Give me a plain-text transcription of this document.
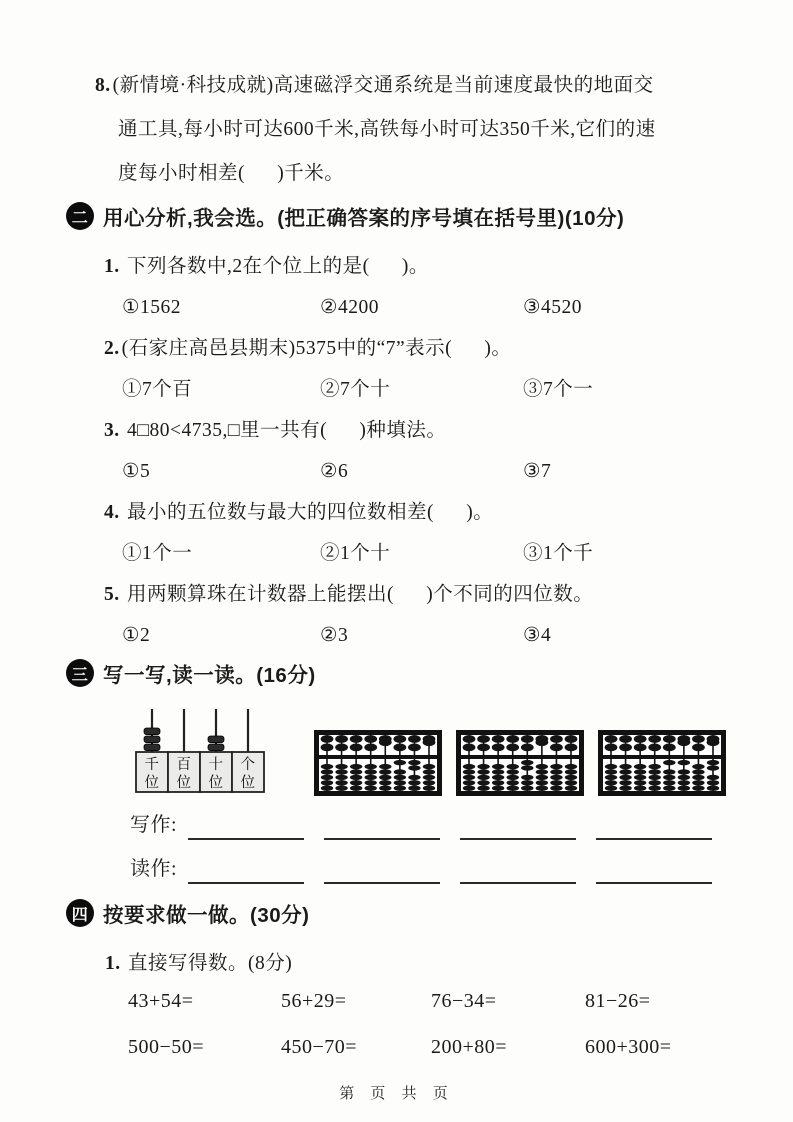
8. (新情境·科技成就)高速磁浮交通系统是当前速度最快的地面交
通工具,每小时可达600千米,高铁每小时可达350千米,它们的速
度每小时相差(      )千米。
二 用心分析,我会选。(把正确答案的序号填在括号里)(10分)
1. 下列各数中,2在个位上的是(      )。
①1562	②4200	③4520
2. (石家庄高邑县期末)5375中的“7”表示(      )。
①7个百	②7个十	③7个一
3. 4□80<4735,□里一共有(      )种填法。
①5	②6	③7
4. 最小的五位数与最大的四位数相差(      )。
①1个一	②1个十	③1个千
5. 用两颗算珠在计数器上能摆出(      )个不同的四位数。
①2	②3	③4
三 写一写,读一读。(16分)
千
位
百
位
十
位
个
位
写作:
读作:
四 按要求做一做。(30分)
1. 直接写得数。(8分)
43+54=	56+29=	76−34=	81−26=
500−50=	450−70=	200+80=	600+300=
第 页 共 页
